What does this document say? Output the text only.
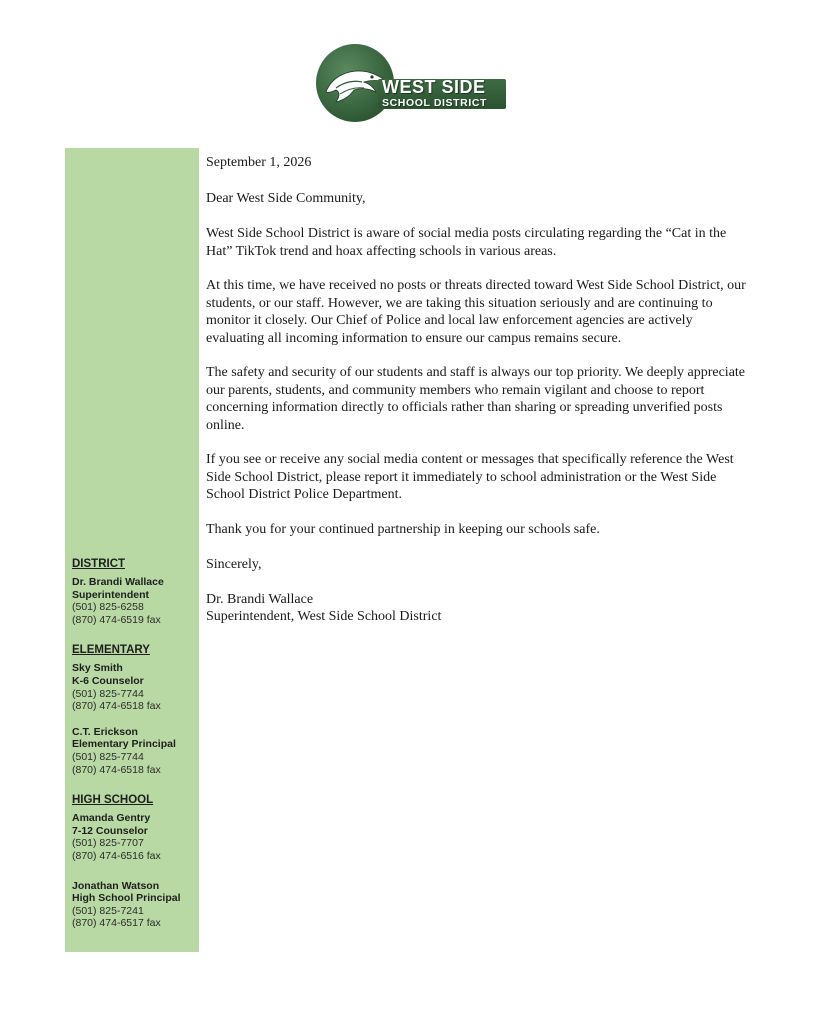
WEST SIDE
SCHOOL DISTRICT
DISTRICT
Dr. Brandi Wallace
Superintendent
(501) 825-6258
(870) 474-6519 fax
ELEMENTARY
Sky Smith
K-6 Counselor
(501) 825-7744
(870) 474-6518 fax
C.T. Erickson
Elementary Principal
(501) 825-7744
(870) 474-6518 fax
HIGH SCHOOL
Amanda Gentry
7-12 Counselor
(501) 825-7707
(870) 474-6516 fax
Jonathan Watson
High School Principal
(501) 825-7241
(870) 474-6517 fax

September 1, 2026

Dear West Side Community,

West Side School District is aware of social media posts circulating regarding the “Cat in the Hat” TikTok trend and hoax affecting schools in various areas.

At this time, we have received no posts or threats directed toward West Side School District, our students, or our staff. However, we are taking this situation seriously and are continuing to monitor it closely. Our Chief of Police and local law enforcement agencies are actively evaluating all incoming information to ensure our campus remains secure.

The safety and security of our students and staff is always our top priority. We deeply appreciate our parents, students, and community members who remain vigilant and choose to report concerning information directly to officials rather than sharing or spreading unverified posts online.

If you see or receive any social media content or messages that specifically reference the West Side School District, please report it immediately to school administration or the West Side School District Police Department.

Thank you for your continued partnership in keeping our schools safe.

Sincerely,

Dr. Brandi Wallace

Superintendent, West Side School District
